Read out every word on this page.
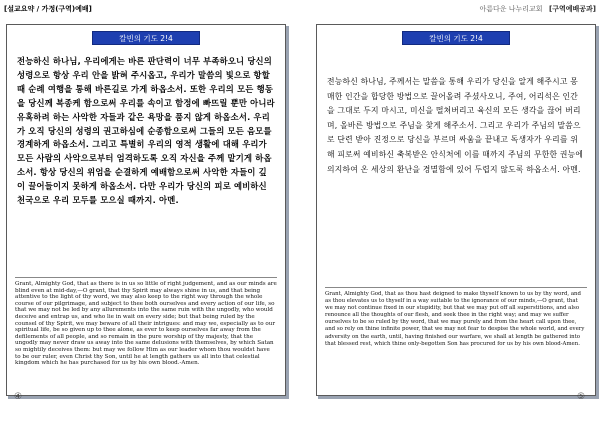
[설교요약 / 가정(구역)예배]	아름다운 나누리교회 [구역예배공과]
칼빈의 기도 2!4
전능하신 하나님, 우리에게는 바른 판단력이 너무 부족하오니 당신의 성령으로 항상 우리 안을 밝혀 주시옵고, 우리가 말씀의 빛으로 항할 때 순례 여행을 통해 바른길로 가게 하옵소서. 또한 우리의 모든 행동을 당신께 복종케 함으로써 우리를 속이고 함정에 빠뜨릴 뿐만 아니라 유혹하려 하는 사악한 자들과 같은 욕망을 품지 않게 하옵소서. 우리가 오직 당신의 성령의 권고하심에 순종함으로써 그들의 모든 음모를 경계하게 하옵소서. 그리고 특별히 우리의 영적 생활에 대해 우리가 모든 사람의 사악으로부터 엄격하도록 오직 자신을 주께 맡기게 하옵소서. 항상 당신의 위엄을 순결하게 예배함으로써 사악한 자들이 깊이 끌어들이지 못하게 하옵소서. 다만 우리가 당신의 피로 예비하신 천국으로 우리 모두를 모으실 때까지. 아멘.
Grant, Almighty God, that as there is in us so little of right judgement, and as our minds are blind even at mid-day,—O grant, that thy Spirit may always shine in us, and that being attentive to the light of thy word, we may also keep to the right way through the whole course of our pilgrimage, and subject to thee both ourselves and every action of our life, so that we may not be led by any allurements into the same ruin with the ungodly, who would deceive and entrap us, and who lie in wait on every side; but that being ruled by the counsel of thy Spirit, we may beware of all their intrigues: and may we, especially as to our spiritual life, be so given up to thee alone, as ever to keep ourselves far away from the defilements of all people, and so remain in the pure worship of thy majesty, that the ungodly may never draw us away into the same delusions with themselves, by which Satan so mightily deceives them: but may we follow Him as our leader whom thou wouldst have to be our ruler, even Christ thy Son, until he at length gathers us all into that celestial kingdom which he has purchased for us by his own blood.-Amen.
칼빈의 기도 2!4
전능하신 하나님, 주께서는 말씀을 통해 우리가 당신을 알게 해주시고 몽매한 인간을 합당한 방법으로 끌어올려 주셨사오니, 주여, 어리석은 인간을 그대로 두지 마시고, 미신을 떨쳐버리고 육신의 모든 생각을 끊어 버리며, 올바른 방법으로 주님을 찾게 해주소서. 그리고 우리가 주님의 말씀으로 단련 받아 진정으로 당신을 부르며 싸움을 끝내고 독생자가 우리를 위해 피로써 예비하신 축복받은 안식처에 이를 때까지 주님의 무한한 권능에 의지하여 온 세상의 환난을 경멸함에 있어 두렵지 않도록 하옵소서. 아멘.
Grant, Almighty God, that as thou hast deigned to make thyself known to us by thy word, and as thou elevates us to thyself in a way suitable to the ignorance of our minds,—O grant, that we may not continue fixed in our stupidity, but that we may put off all superstitions, and also renounce all the thoughts of our flesh, and seek thee in the right way; and may we suffer ourselves to be so ruled by thy word, that we may purely and from the heart call upon thee, and so rely on thine infinite power, that we may not fear to despise the whole world, and every adversity on the earth, until, having finished our warfare, we shall at length be gathered into that blessed rest, which thine only-begotten Son has procured for us by his own blood-Amen.
④	⑤
